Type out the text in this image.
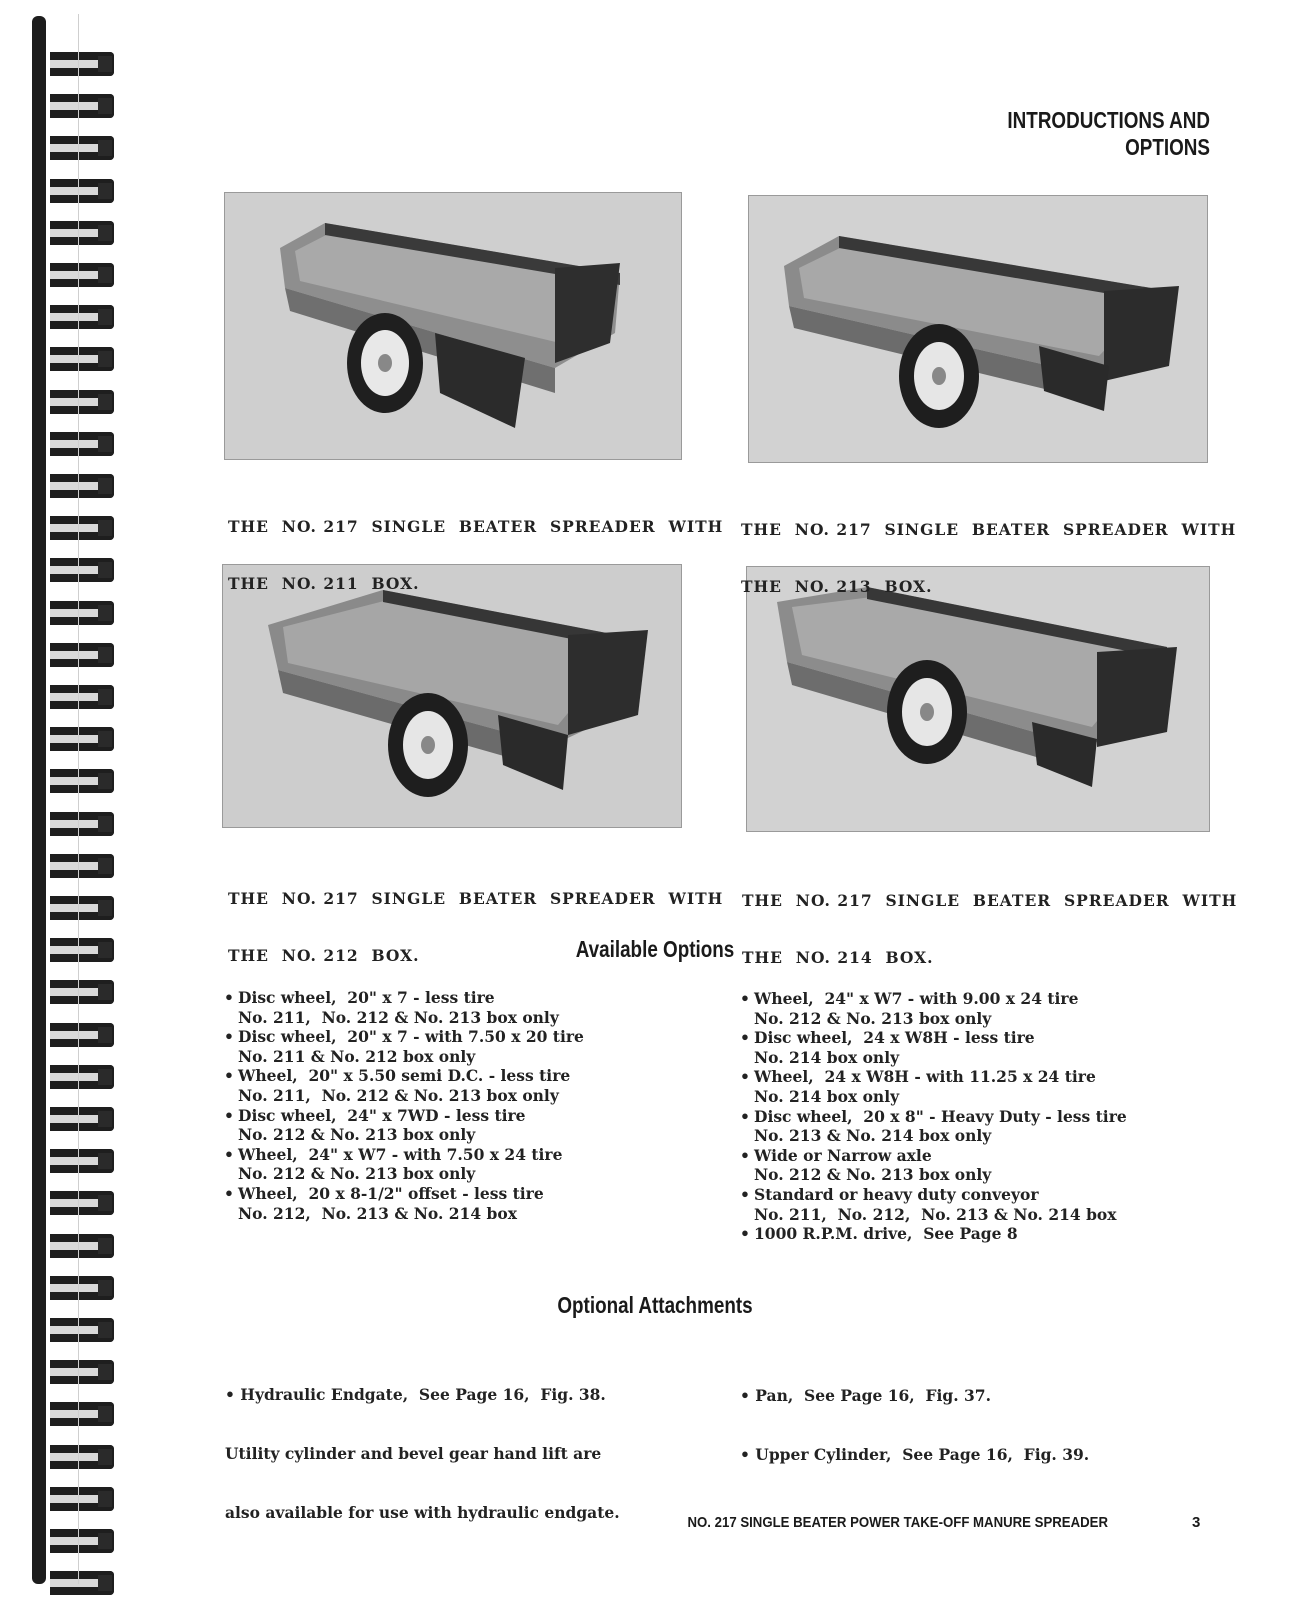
INTRODUCTIONS AND OPTIONS

THE  NO. 217  SINGLE  BEATER  SPREADER  WITH

THE  NO. 211  BOX.

THE  NO. 217  SINGLE  BEATER  SPREADER  WITH

THE  NO. 213  BOX.

THE  NO. 217  SINGLE  BEATER  SPREADER  WITH

THE  NO. 212  BOX.

THE  NO. 217  SINGLE  BEATER  SPREADER  WITH

THE  NO. 214  BOX.

Available Options
• Disc wheel,  20" x 7 - less tire
No. 211,  No. 212 & No. 213 box only
• Disc wheel,  20" x 7 - with 7.50 x 20 tire
No. 211 & No. 212 box only
• Wheel,  20" x 5.50 semi D.C. - less tire
No. 211,  No. 212 & No. 213 box only
• Disc wheel,  24" x 7WD - less tire
No. 212 & No. 213 box only
• Wheel,  24" x W7 - with 7.50 x 24 tire
No. 212 & No. 213 box only
• Wheel,  20 x 8-1/2" offset - less tire
No. 212,  No. 213 & No. 214 box
• Wheel,  24" x W7 - with 9.00 x 24 tire
No. 212 & No. 213 box only
• Disc wheel,  24 x W8H - less tire
No. 214 box only
• Wheel,  24 x W8H - with 11.25 x 24 tire
No. 214 box only
• Disc wheel,  20 x 8" - Heavy Duty - less tire
No. 213 & No. 214 box only
• Wide or Narrow axle
No. 212 & No. 213 box only
• Standard or heavy duty conveyor
No. 211,  No. 212,  No. 213 & No. 214 box
• 1000 R.P.M. drive,  See Page 8
Optional Attachments

• Hydraulic Endgate,  See Page 16,  Fig. 38.

Utility cylinder and bevel gear hand lift are

also available for use with hydraulic endgate.

• Pan,  See Page 16,  Fig. 37.

• Upper Cylinder,  See Page 16,  Fig. 39.

NO. 217 SINGLE BEATER POWER TAKE-OFF MANURE SPREADER	3
